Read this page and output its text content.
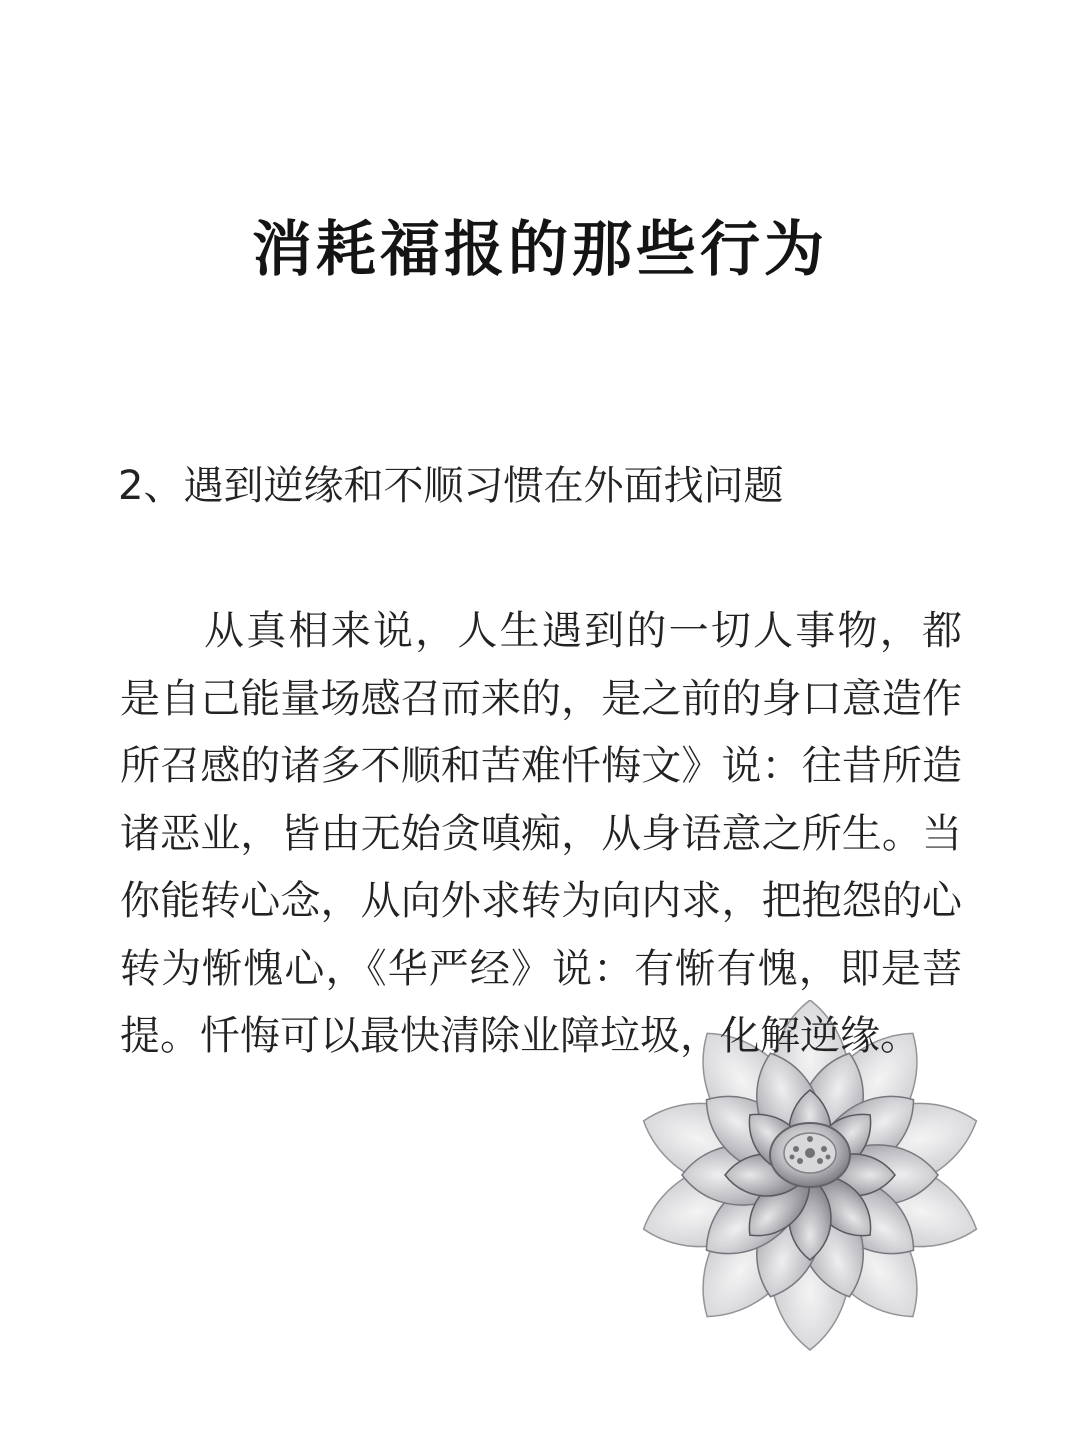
消耗福报的那些行为
2、遇到逆缘和不顺习惯在外面找问题
从真相来说，人生遇到的一切人事物，都是自己能量场感召而来的，是之前的身口意造作所召感的诸多不顺和苦难忏悔文》说：往昔所造诸恶业，皆由无始贪嗔痴，从身语意之所生。当你能转心念，从向外求转为向内求，把抱怨的心转为惭愧心，《华严经》说：有惭有愧，即是菩提。忏悔可以最快清除业障垃圾，化解逆缘。
